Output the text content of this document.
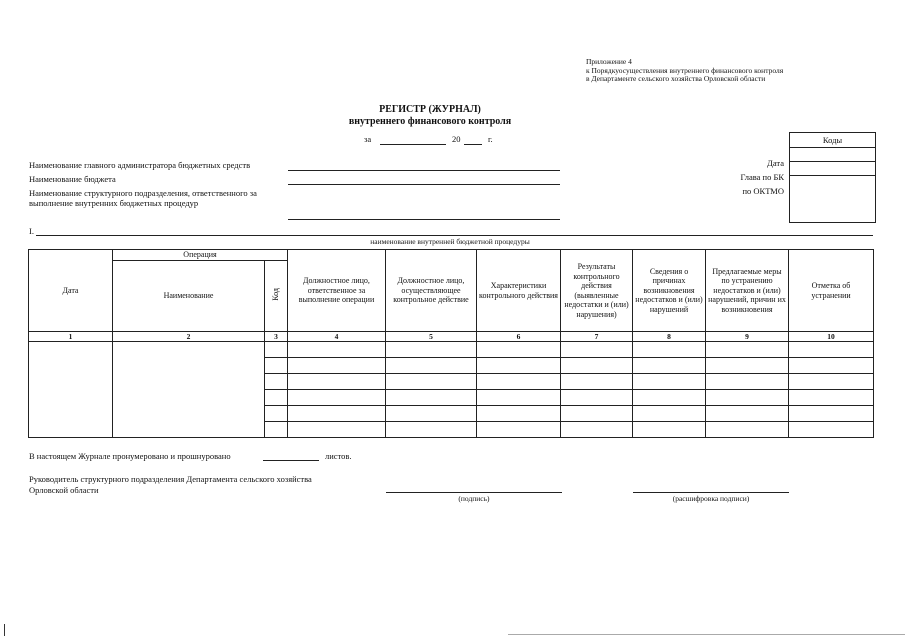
Приложение 4
к Порядкуосуществления внутреннего финансового контроля
в Департаменте сельского хозяйства Орловской области
РЕГИСТР (ЖУРНАЛ)
внутреннего финансового контроля
за	20	г.	Коды
Дата
Глава по БК
по ОКТМО
Наименование главного администратора бюджетных средств
Наименование бюджета
Наименование структурного подразделения, ответственного за выполнение внутренних бюджетных процедур
I.
наименование внутренней бюджетной процедуры
Дата	Операция		Должностное лицо, ответственное за выполнение операции	Должностное лицо, осуществляющее контрольное действие	Характеристики контрольного действия	Результаты контрольного действия (выявленные недостатки и (или) нарушения)	Сведения о причинах возникновения недостатков и (или) нарушений	Предлагаемые меры по устранению недостатков и (или) нарушений, причин их возникновения	Отметка об устранении
	Наименование	Код							
1	2	3	4	5	6	7	8	9	10

В настоящем Журнале пронумеровано и прошнуровано	листов.
Руководитель структурного подразделения Департамента сельского хозяйства
Орловской области
(подпись)	(расшифровка подписи)
